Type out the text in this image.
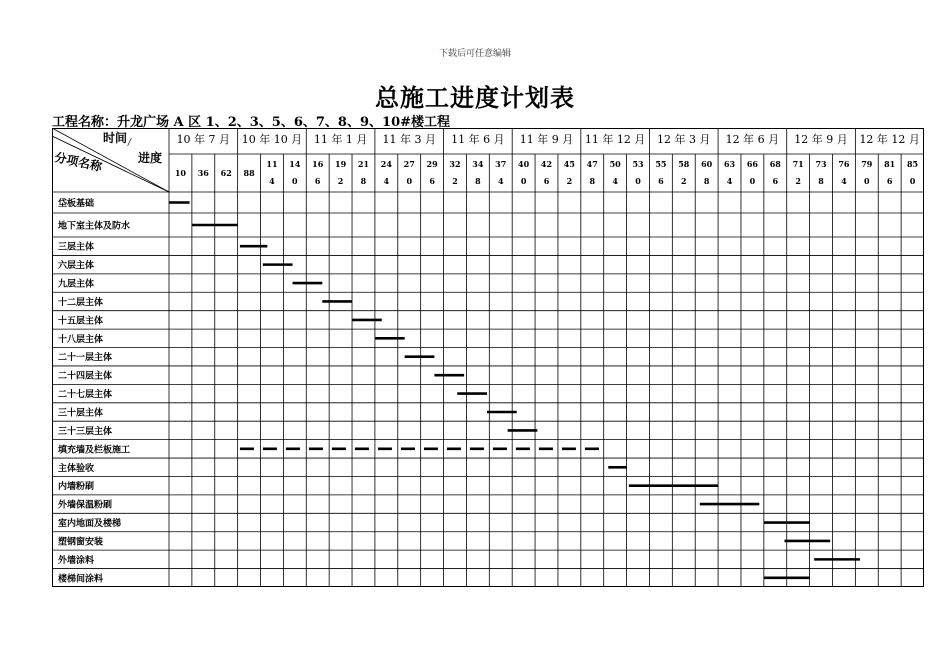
下载后可任意编辑
总施工进度计划表
工程名称：升龙广场 A 区 1、2、3、5、6、7、8、9、10#楼工程
10 年 7 月 10 年 10 月 11 年 1 月 11 年 3 月 11 年 6 月 11 年 9 月 11 年 12 月 12 年 3 月 12 年 6 月 12 年 9 月 12 年 12 月
10 36 62 88
11
4
14
0
16
6
19
2
21
8
24
4
27
0
29
6
32
2
34
8
37
4
40
0
42
6
45
2
47
8
50
4
53
0
55
6
58
2
60
8
63
4
66
0
68
6
71
2
73
8
76
4
79
0
81
6
85
0
时间 /
进度
分项名称
垈板基础
地下室主体及防水
三层主体
六层主体
九层主体
十二层主体
十五层主体
十八层主体
二十一层主体
二十四层主体
二十七层主体
三十层主体
三十三层主体
填充墙及栏板施工
主体验收
内墙粉刷
外墙保温粉刷
室内地面及楼梯
塑钢窗安装
外墙涂料
楼梯间涂料
